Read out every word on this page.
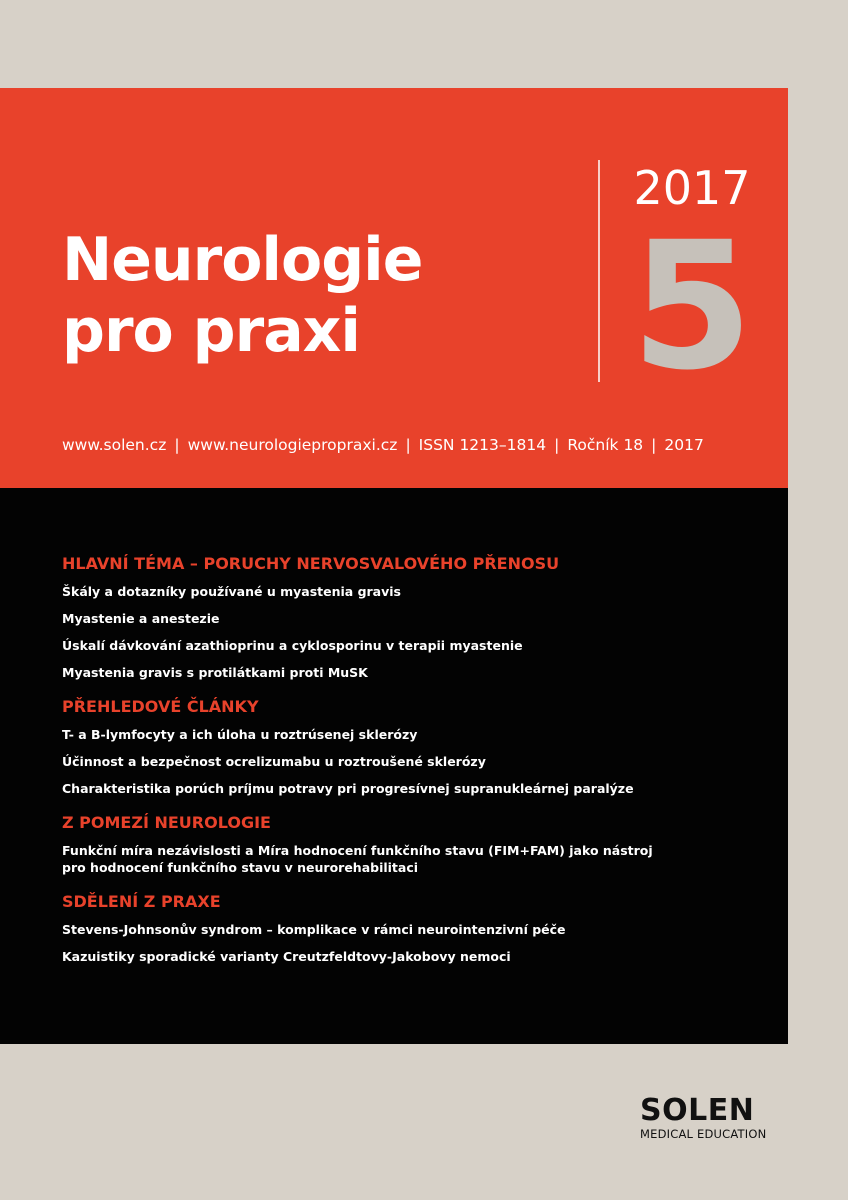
Neurologie
pro praxi
2017
5
www.solen.cz | www.neurologiepropraxi.cz | ISSN 1213–1814 | Ročník 18 | 2017
HLAVNÍ TÉMA – PORUCHY NERVOSVALOVÉHO PŘENOSU
Škály a dotazníky používané u myastenia gravis
Myastenie a anestezie
Úskalí dávkování azathioprinu a cyklosporinu v terapii myastenie
Myastenia gravis s protilátkami proti MuSK
PŘEHLEDOVÉ ČLÁNKY
T- a B-lymfocyty a ich úloha u roztrúsenej sklerózy
Účinnost a bezpečnost ocrelizumabu u roztroušené sklerózy
Charakteristika porúch príjmu potravy pri progresívnej supranukleárnej paralýze
Z POMEZÍ NEUROLOGIE
Funkční míra nezávislosti a Míra hodnocení funkčního stavu (FIM+FAM) jako nástroj
pro hodnocení funkčního stavu v neurorehabilitaci
SDĚLENÍ Z PRAXE
Stevens-Johnsonův syndrom – komplikace v rámci neurointenzivní péče
Kazuistiky sporadické varianty Creutzfeldtovy-Jakobovy nemoci
SOLEN
MEDICAL EDUCATION
